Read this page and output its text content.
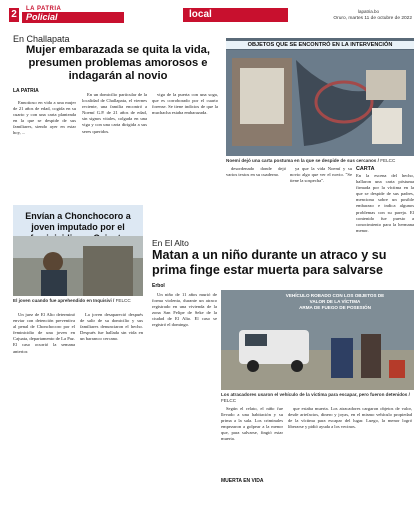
2	LA PATRIA
Policial	local	lapatria.bo
Oruro, martes 11 de octubre de 2022
En Challapata
Mujer embarazada se quita la vida, presumen problemas amorosos e indagarán al novio
LA PATRIA

Ennotioso en vida a una mujer de 21 años de edad, cogida en su cuarto y con una carta planteada en la que se despide de sus familiares, siendo ayer en estar hoy, ...

En un domicilio particular de la localidad de Challapata, el viernes reciente, una familia encontró a Noemí G.P. de 21 años de edad, sin signos vitales, colgada en una viga y con una carta dirigida a sus seres queridos.

viga de la puerta con una soga, que es corroborado por el cuarto forense. Se tiene indicios de que la muchacha estaba embarazada.

OBJETOS QUE SE ENCONTRÓ EN LA INTERVENCIÓN
Noemí dejó una carta postuma en la que se despide de sus cercanos / FELCC

desordenado donde dejó varios textos en su cuaderno.

ya que la vida Noemí y su novio algo que ver el novio. "Se tiene la sospecha".

CARTA
En la escena del hecho, hallaron una carta póstuma firmada por la víctima en la que se despide de sus padres, menciona sobre un posible embarazo e indica algunos problemas con su pareja. El contenido fue puesto a conocimiento para la hermana menor.
Envían a Chonchocoro a joven imputado por el
El joven cuando fue aprehendido en Inquisivi / FELCC

Un juez de El Alto determinó enviar con detención preventiva al penal de Chonchocoro por el feminicidio de una joven en Cajuata, departamento de La Paz. El caso ocurrió la semana anterior.

La joven desapareció después de salir de su domicilio y sus familiares denunciaron el hecho. Después fue hallada sin vida en un barranco cercano.

En El Alto
Matan a un niño durante un atraco y su prima finge estar muerta para salvarse
Erbol

Un niño de 11 años murió de forma violenta, durante un atraco registrado en una vivienda de la zona San Felipe de Seke de la ciudad de El Alto. El caso se registró el domingo.

VEHÍCULO ROBADO CON LOS OBJETOS DE VALOR DE LA VÍCTIMA
ARMA DE FUEGO DE POSESIÓN
Los atracadores usaron el vehículo de la víctima para escapar, pero fueron detenidos / FELCC

Según el relato, el niño fue llevado a una habitación y su prima a la sala. Los criminales empezaron a golpear a la menor que, para salvarse, fingió estar muerta.

MUERTA EN VIDA

que estaba muerta. Los atracadores cargaron objetos de valor, desde artefactos, dinero y joyas, en el mismo vehículo propiedad de la víctima para escapar del lugar. Luego, la menor logró liberarse y pidió ayuda a los vecinos.
